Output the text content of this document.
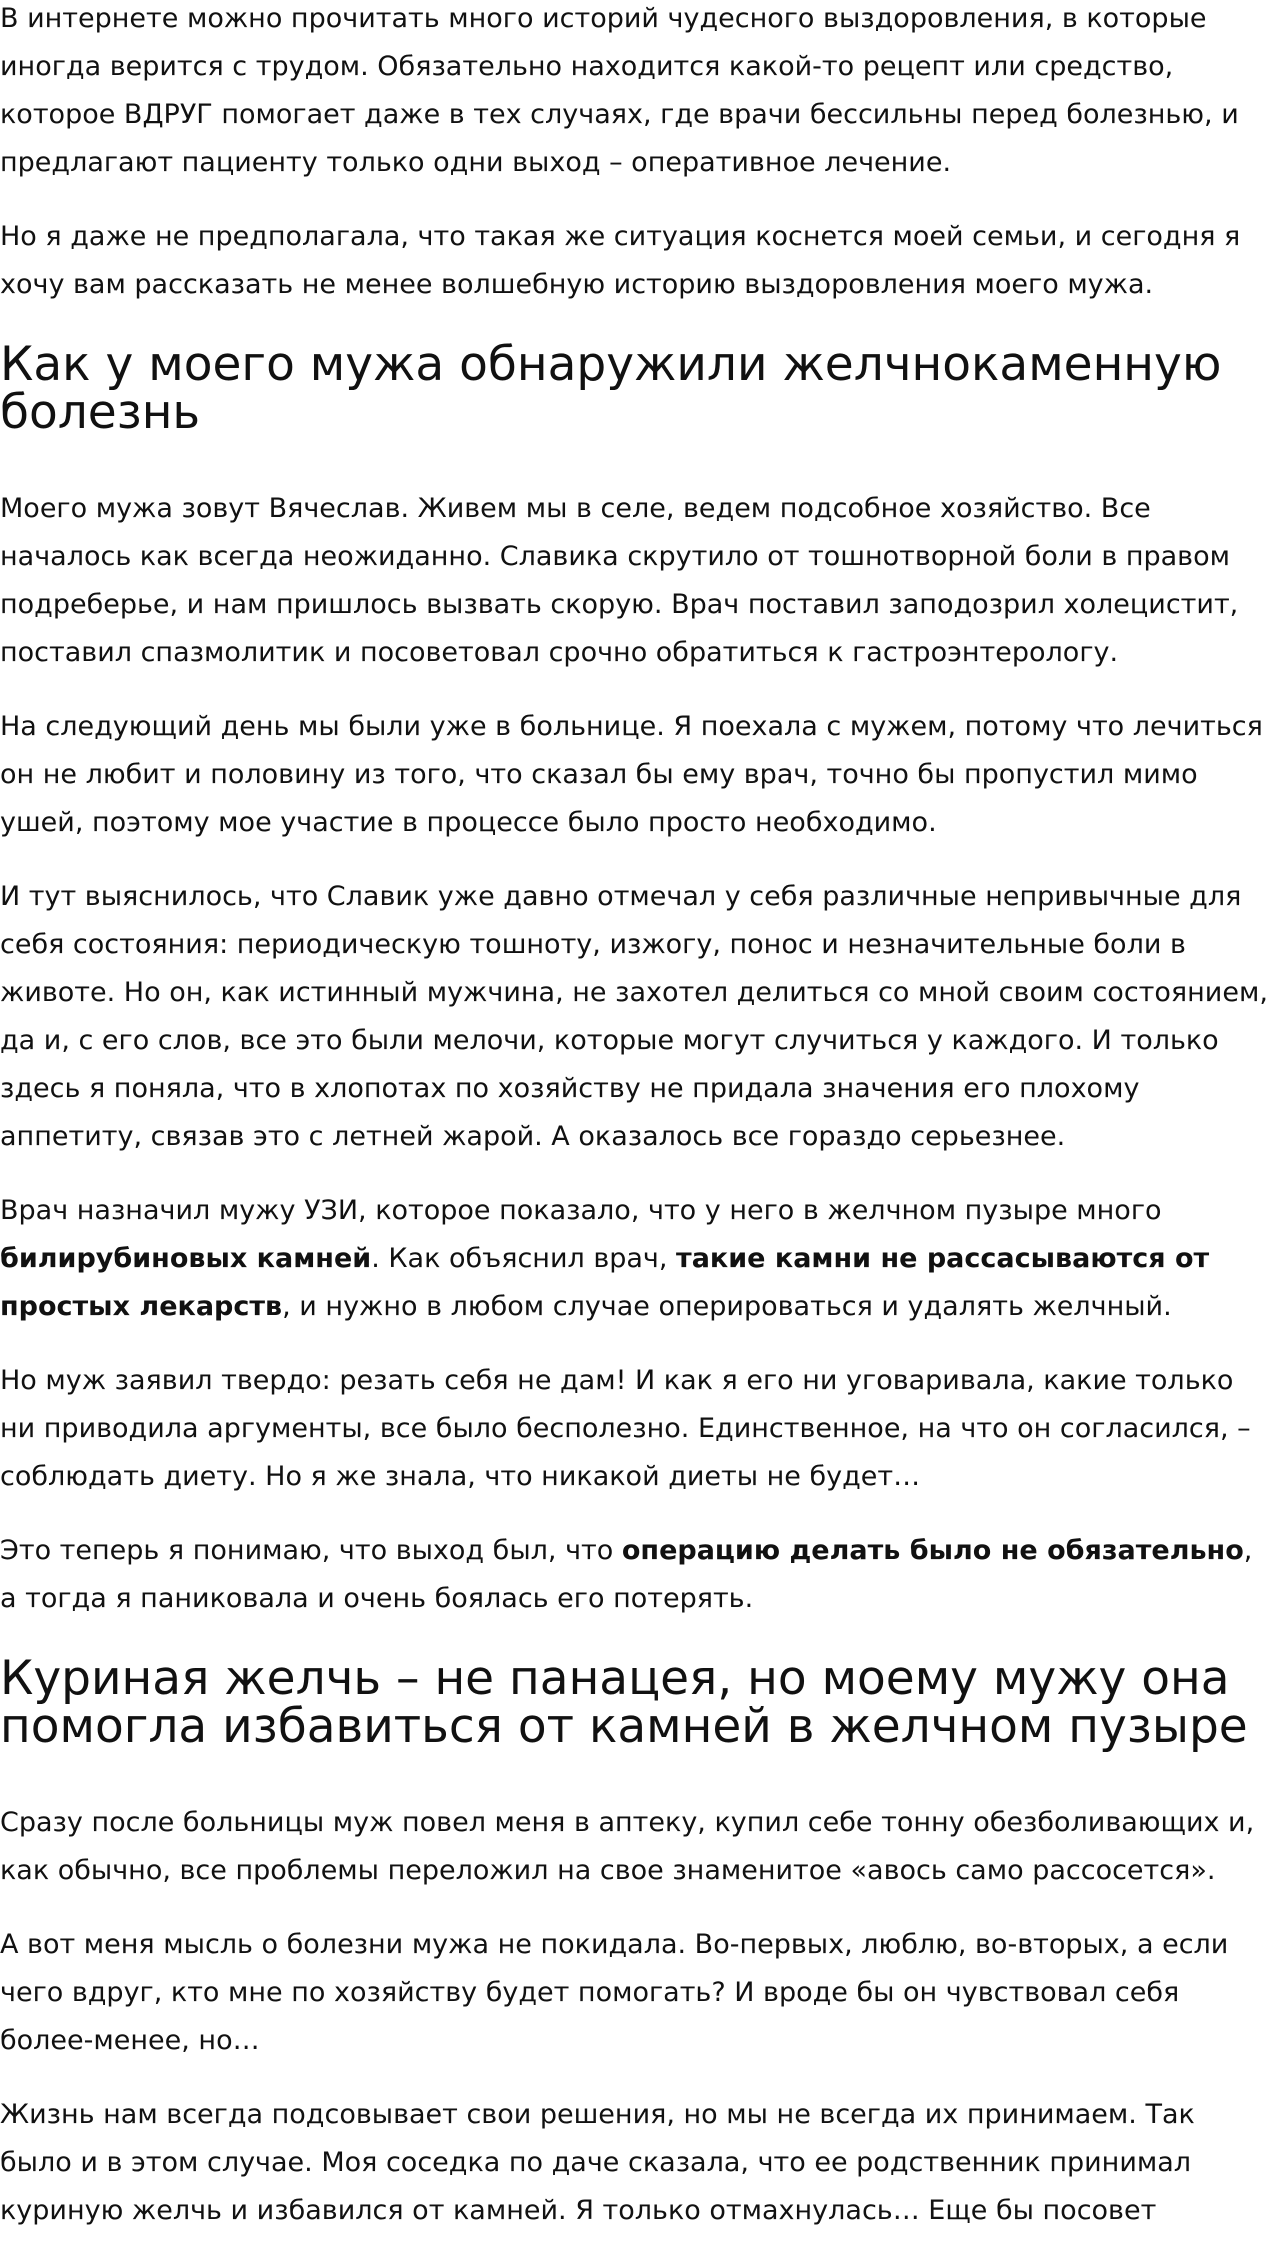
В интернете можно прочитать много историй чудесного выздоровления, в которые иногда верится с трудом. Обязательно находится какой-то рецепт или средство, которое ВДРУГ помогает даже в тех случаях, где врачи бессильны перед болезнью, и предлагают пациенту только одни выход – оперативное лечение.

Но я даже не предполагала, что такая же ситуация коснется моей семьи, и сегодня я хочу вам рассказать не менее волшебную историю выздоровления моего мужа.

Как у моего мужа обнаружили желчнокаменную болезнь

Моего мужа зовут Вячеслав. Живем мы в селе, ведем подсобное хозяйство. Все началось как всегда неожиданно. Славика скрутило от тошнотворной боли в правом подреберье, и нам пришлось вызвать скорую. Врач поставил заподозрил холецистит, поставил спазмолитик и посоветовал срочно обратиться к гастроэнтерологу.

На следующий день мы были уже в больнице. Я поехала с мужем, потому что лечиться он не любит и половину из того, что сказал бы ему врач, точно бы пропустил мимо ушей, поэтому мое участие в процессе было просто необходимо.

И тут выяснилось, что Славик уже давно отмечал у себя различные непривычные для себя состояния: периодическую тошноту, изжогу, понос и незначительные боли в животе. Но он, как истинный мужчина, не захотел делиться со мной своим состоянием, да и, с его слов, все это были мелочи, которые могут случиться у каждого. И только здесь я поняла, что в хлопотах по хозяйству не придала значения его плохому аппетиту, связав это с летней жарой. А оказалось все гораздо серьезнее.

Врач назначил мужу УЗИ, которое показало, что у него в желчном пузыре много билирубиновых камней. Как объяснил врач, такие камни не рассасываются от простых лекарств, и нужно в любом случае оперироваться и удалять желчный.

Но муж заявил твердо: резать себя не дам! И как я его ни уговаривала, какие только ни приводила аргументы, все было бесполезно. Единственное, на что он согласился, – соблюдать диету. Но я же знала, что никакой диеты не будет…

Это теперь я понимаю, что выход был, что операцию делать было не обязательно, а тогда я паниковала и очень боялась его потерять.

Куриная желчь – не панацея, но моему мужу она помогла избавиться от камней в желчном пузыре

Сразу после больницы муж повел меня в аптеку, купил себе тонну обезболивающих и, как обычно, все проблемы переложил на свое знаменитое «авось само рассосется».

А вот меня мысль о болезни мужа не покидала. Во-первых, люблю, во-вторых, а если чего вдруг, кто мне по хозяйству будет помогать? И вроде бы он чувствовал себя более-менее, но…

Жизнь нам всегда подсовывает свои решения, но мы не всегда их принимаем. Так было и в этом случае. Моя соседка по даче сказала, что ее родственник принимал куриную желчь и избавился от камней. Я только отмахнулась… Еще бы посовет
